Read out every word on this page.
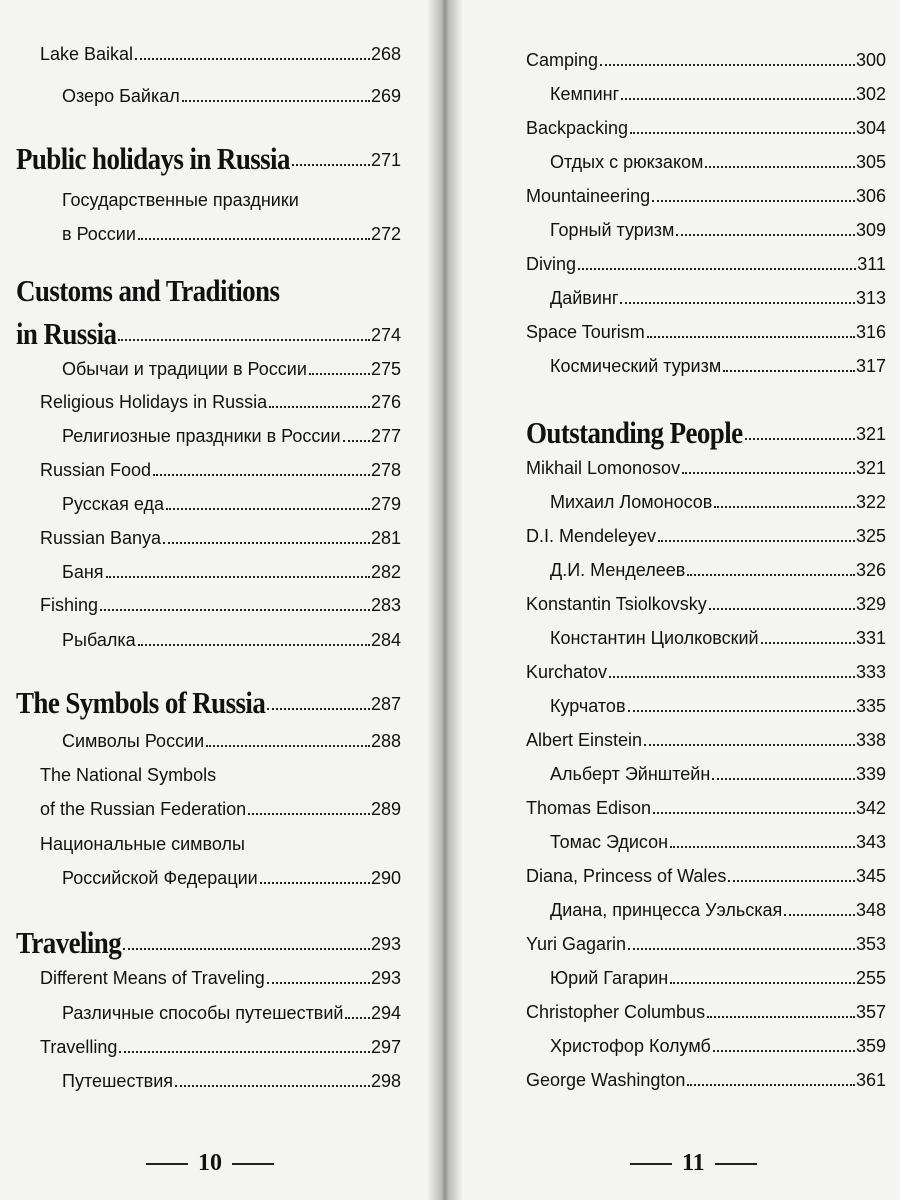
Lake Baikal	268
Озеро Байкал	269
Public holidays in Russia	271
Государственные праздники
в России	272
Customs and Traditions
in Russia	274
Обычаи и традиции в России	275
Religious Holidays in Russia	276
Религиозные праздники в России 277
Russian Food	278
Русская еда	279
Russian Banya	281
Баня	282
Fishing	283
Рыбалка	284
The Symbols of Russia	287
Символы России	288
The National Symbols
of the Russian Federation	289
Национальные символы
Российской Федерации	290
Traveling	293
Different Means of Traveling	293
Различные способы путешествий 294
Travelling	297
Путешествия	298
Camping	300
Кемпинг	302
Backpacking	304
Отдых с рюкзаком	305
Mountaineering	306
Горный туризм	309
Diving	311
Дайвинг	313
Space Tourism	316
Космический туризм	317
Outstanding People	321
Mikhail Lomonosov	321
Михаил Ломоносов	322
D.I. Mendeleyev	325
Д.И. Менделеев	326
Konstantin Tsiolkovsky	329
Константин Циолковский	331
Kurchatov	333
Курчатов	335
Albert Einstein	338
Альберт Эйнштейн	339
Thomas Edison	342
Томас Эдисон	343
Diana, Princess of Wales	345
Диана, принцесса Уэльская	348
Yuri Gagarin	353
Юрий Гагарин	255
Christopher Columbus	357
Христофор Колумб	359
George Washington	361
10	11
